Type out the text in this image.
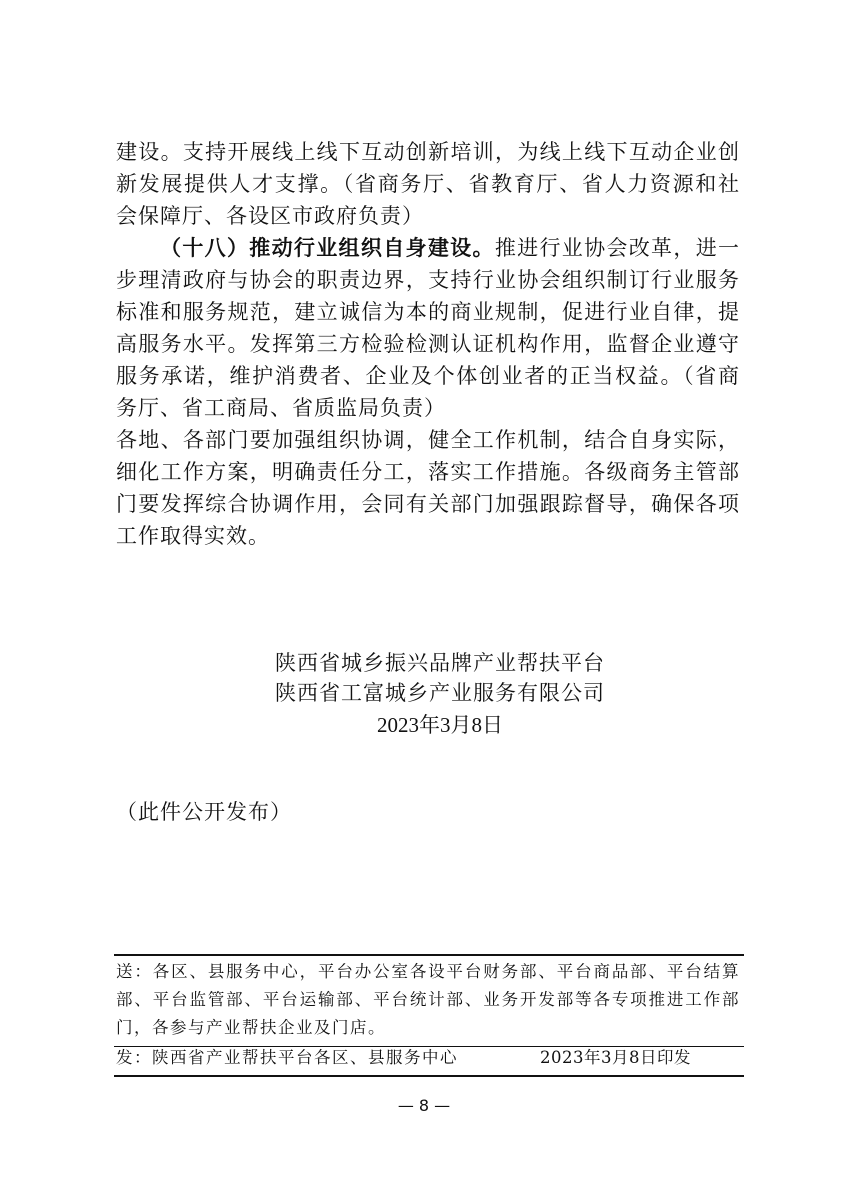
建设。支持开展线上线下互动创新培训，为线上线下互动企业创新发展提供人才支撑。（省商务厅、省教育厅、省人力资源和社会保障厅、各设区市政府负责）

（十八）推动行业组织自身建设。推进行业协会改革，进一步理清政府与协会的职责边界，支持行业协会组织制订行业服务标准和服务规范，建立诚信为本的商业规制，促进行业自律，提高服务水平。发挥第三方检验检测认证机构作用，监督企业遵守服务承诺，维护消费者、企业及个体创业者的正当权益。（省商务厅、省工商局、省质监局负责）

各地、各部门要加强组织协调，健全工作机制，结合自身实际，细化工作方案，明确责任分工，落实工作措施。各级商务主管部门要发挥综合协调作用，会同有关部门加强跟踪督导，确保各项工作取得实效。

陕西省城乡振兴品牌产业帮扶平台
陕西省工富城乡产业服务有限公司
2023年3月8日
（此件公开发布）
送：各区、县服务中心，平台办公室各设平台财务部、平台商品部、平台结算部、平台监管部、平台运输部、平台统计部、业务开发部等各专项推进工作部门，各参与产业帮扶企业及门店。
发：陕西省产业帮扶平台各区、县服务中心	2023年3月8日印发
— 8 —
